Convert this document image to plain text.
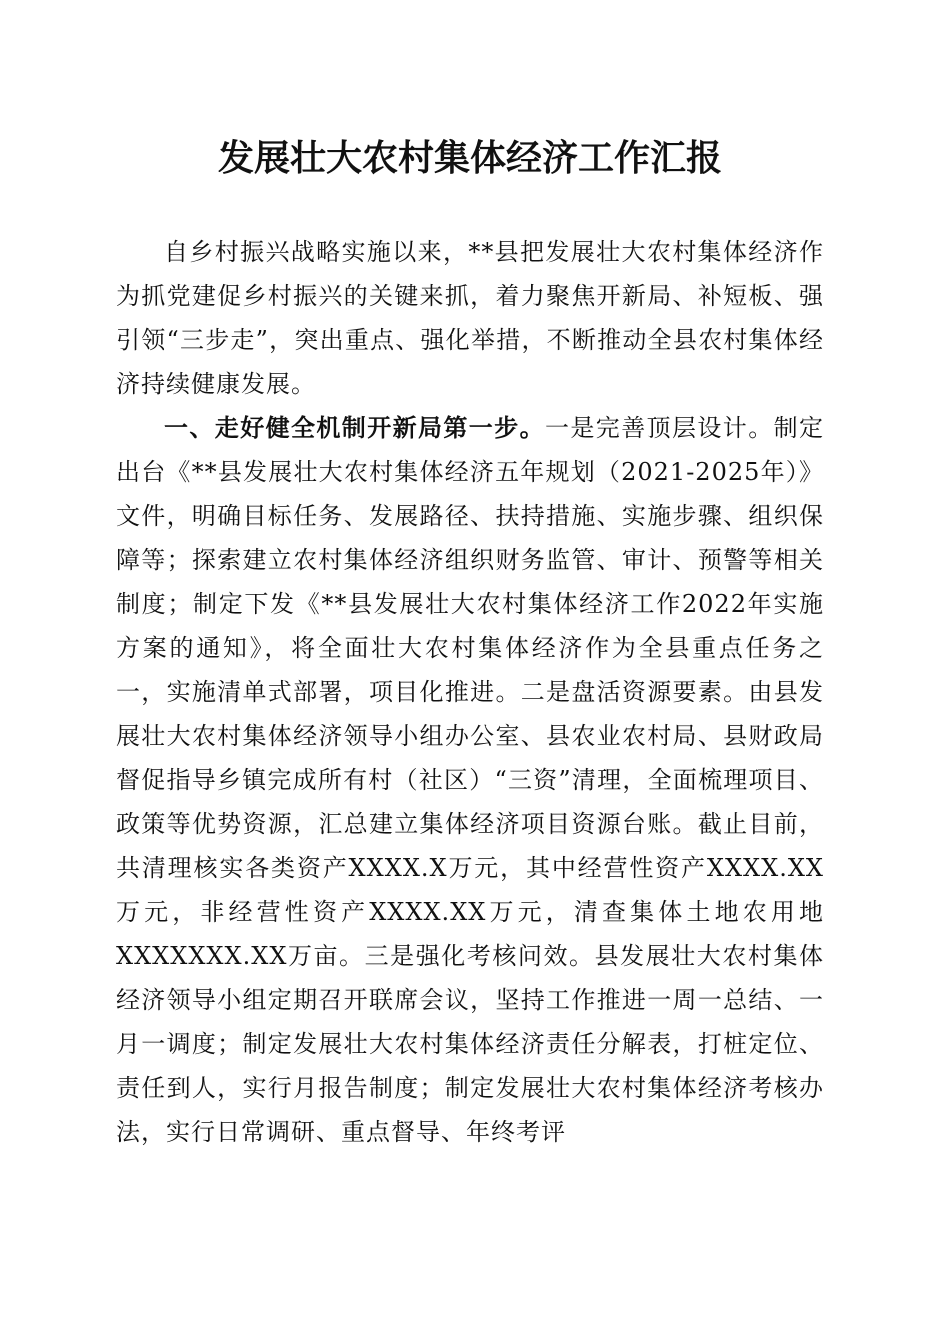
发展壮大农村集体经济工作汇报

自乡村振兴战略实施以来，**县把发展壮大农村集体经济作为抓党建促乡村振兴的关键来抓，着力聚焦开新局、补短板、强引领“三步走”，突出重点、强化举措，不断推动全县农村集体经济持续健康发展。

一、走好健全机制开新局第一步。一是完善顶层设计。制定出台《**县发展壮大农村集体经济五年规划（2021-2025年）》文件，明确目标任务、发展路径、扶持措施、实施步骤、组织保障等；探索建立农村集体经济组织财务监管、审计、预警等相关制度；制定下发《**县发展壮大农村集体经济工作2022年实施方案的通知》，将全面壮大农村集体经济作为全县重点任务之一，实施清单式部署，项目化推进。二是盘活资源要素。由县发展壮大农村集体经济领导小组办公室、县农业农村局、县财政局督促指导乡镇完成所有村（社区）“三资”清理，全面梳理项目、政策等优势资源，汇总建立集体经济项目资源台账。截止目前，共清理核实各类资产XXXX.X万元，其中经营性资产XXXX.XX万元，非经营性资产XXXX.XX万元，清查集体土地农用地XXXXXXX.XX万亩。三是强化考核问效。县发展壮大农村集体经济领导小组定期召开联席会议，坚持工作推进一周一总结、一月一调度；制定发展壮大农村集体经济责任分解表，打桩定位、责任到人，实行月报告制度；制定发展壮大农村集体经济考核办法，实行日常调研、重点督导、年终考评
